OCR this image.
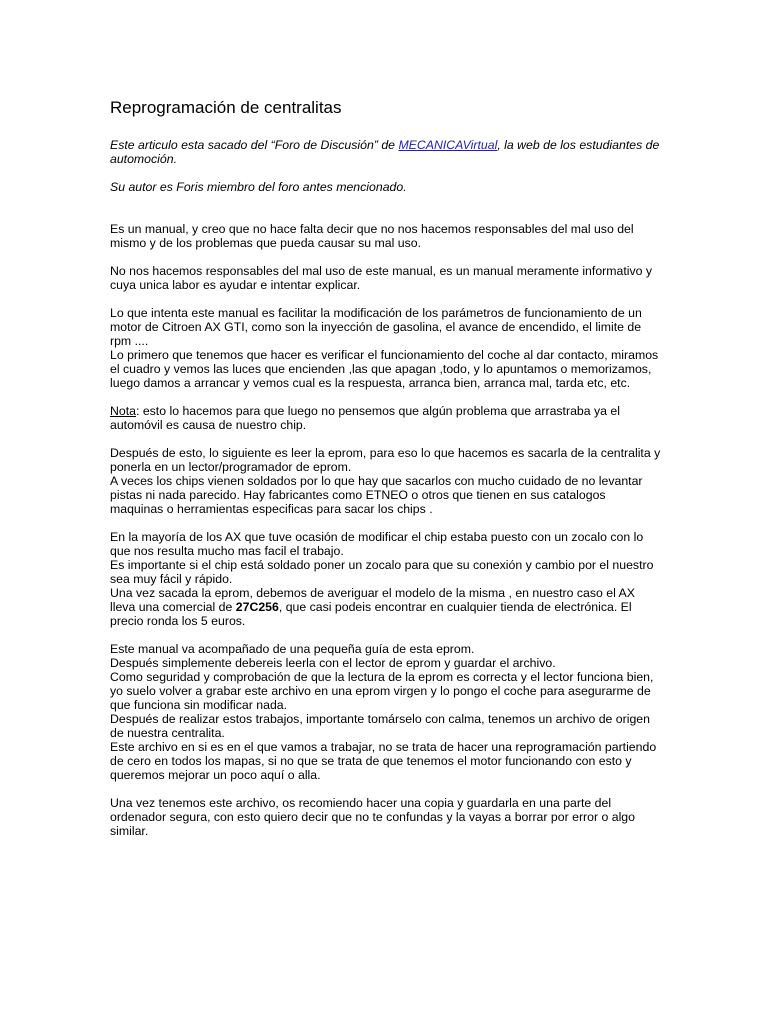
Reprogramación de centralitas

Este articulo esta sacado del “Foro de Discusión” de MECANICAVirtual, la web de los estudiantes de automoción.

Su autor es Foris miembro del foro antes mencionado.

Es un manual, y creo que no hace falta decir que no nos hacemos responsables del mal uso del mismo y de los problemas que pueda causar su mal uso.

No nos hacemos responsables del mal uso de este manual, es un manual meramente informativo y cuya unica labor es ayudar e intentar explicar.

Lo que intenta este manual es facilitar la modificación de los parámetros de funcionamiento de un motor de Citroen AX GTI, como son la inyección de gasolina, el avance de encendido, el limite de rpm ....

Lo primero que tenemos que hacer es verificar el funcionamiento del coche al dar contacto, miramos el cuadro y vemos las luces que encienden ,las que apagan ,todo, y lo apuntamos o memorizamos, luego damos a arrancar y vemos cual es la respuesta, arranca bien, arranca mal, tarda etc, etc.

Nota: esto lo hacemos para que luego no pensemos que algún problema que arrastraba ya el automóvil es causa de nuestro chip.

Después de esto, lo siguiente es leer la eprom, para eso lo que hacemos es sacarla de la centralita y ponerla en un lector/programador de eprom.

A veces los chips vienen soldados por lo que hay que sacarlos con mucho cuidado de no levantar pistas ni nada parecido. Hay fabricantes como ETNEO o otros que tienen en sus catalogos maquinas o herramientas especificas para sacar los chips .

En la mayoría de los AX que tuve ocasión de modificar el chip estaba puesto con un zocalo con lo que nos resulta mucho mas facil el trabajo.

Es importante si el chip está soldado poner un zocalo para que su conexión y cambio por el nuestro sea muy fácil y rápido.

Una vez sacada la eprom, debemos de averiguar el modelo de la misma , en nuestro caso el AX lleva una comercial de 27C256, que casi podeis encontrar en cualquier tienda de electrónica. El precio ronda los 5 euros.

Este manual va acompañado de una pequeña guía de esta eprom.

Después simplemente debereis leerla con el lector de eprom y guardar el archivo.

Como seguridad y comprobación de que la lectura de la eprom es correcta y el lector funciona bien, yo suelo volver a grabar este archivo en una eprom virgen y lo pongo el coche para asegurarme de que funciona sin modificar nada.

Después de realizar estos trabajos, importante tomárselo con calma, tenemos un archivo de origen de nuestra centralita.

Este archivo en si es en el que vamos a trabajar, no se trata de hacer una reprogramación partiendo de cero en todos los mapas, si no que se trata de que tenemos el motor funcionando con esto y queremos mejorar un poco aquí o alla.

Una vez tenemos este archivo, os recomiendo hacer una copia y guardarla en una parte del ordenador segura, con esto quiero decir que no te confundas y la vayas a borrar por error o algo similar.
